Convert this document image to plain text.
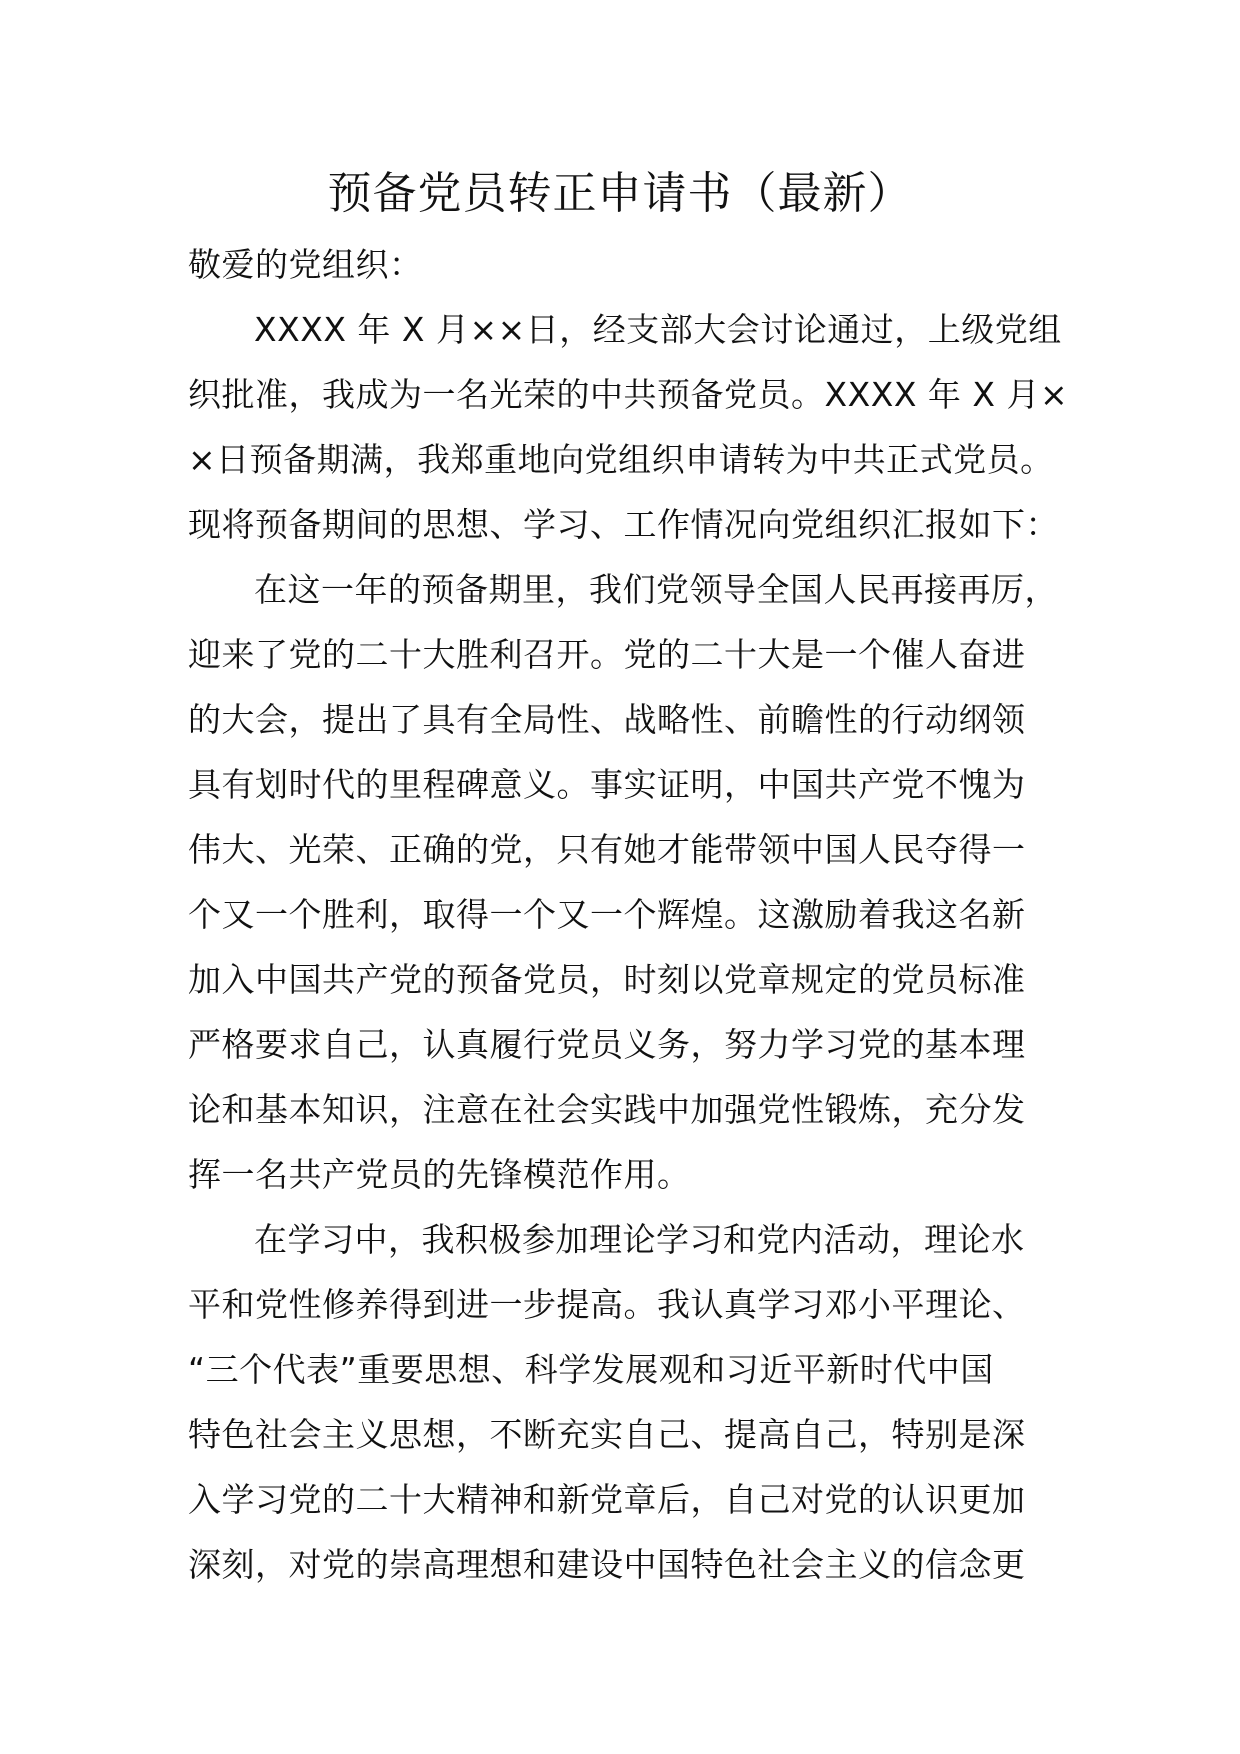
预备党员转正申请书（最新）
敬爱的党组织：
XXXX 年 X 月××日，经支部大会讨论通过，上级党组
织批准，我成为一名光荣的中共预备党员。XXXX 年 X 月×
×日预备期满，我郑重地向党组织申请转为中共正式党员。
现将预备期间的思想、学习、工作情况向党组织汇报如下：
在这一年的预备期里，我们党领导全国人民再接再厉，
迎来了党的二十大胜利召开。党的二十大是一个催人奋进
的大会，提出了具有全局性、战略性、前瞻性的行动纲领
具有划时代的里程碑意义。事实证明，中国共产党不愧为
伟大、光荣、正确的党，只有她才能带领中国人民夺得一
个又一个胜利，取得一个又一个辉煌。这激励着我这名新
加入中国共产党的预备党员，时刻以党章规定的党员标准
严格要求自己，认真履行党员义务，努力学习党的基本理
论和基本知识，注意在社会实践中加强党性锻炼，充分发
挥一名共产党员的先锋模范作用。
在学习中，我积极参加理论学习和党内活动，理论水
平和党性修养得到进一步提高。我认真学习邓小平理论、
“三个代表”重要思想、科学发展观和习近平新时代中国
特色社会主义思想，不断充实自己、提高自己，特别是深
入学习党的二十大精神和新党章后，自己对党的认识更加
深刻，对党的崇高理想和建设中国特色社会主义的信念更
